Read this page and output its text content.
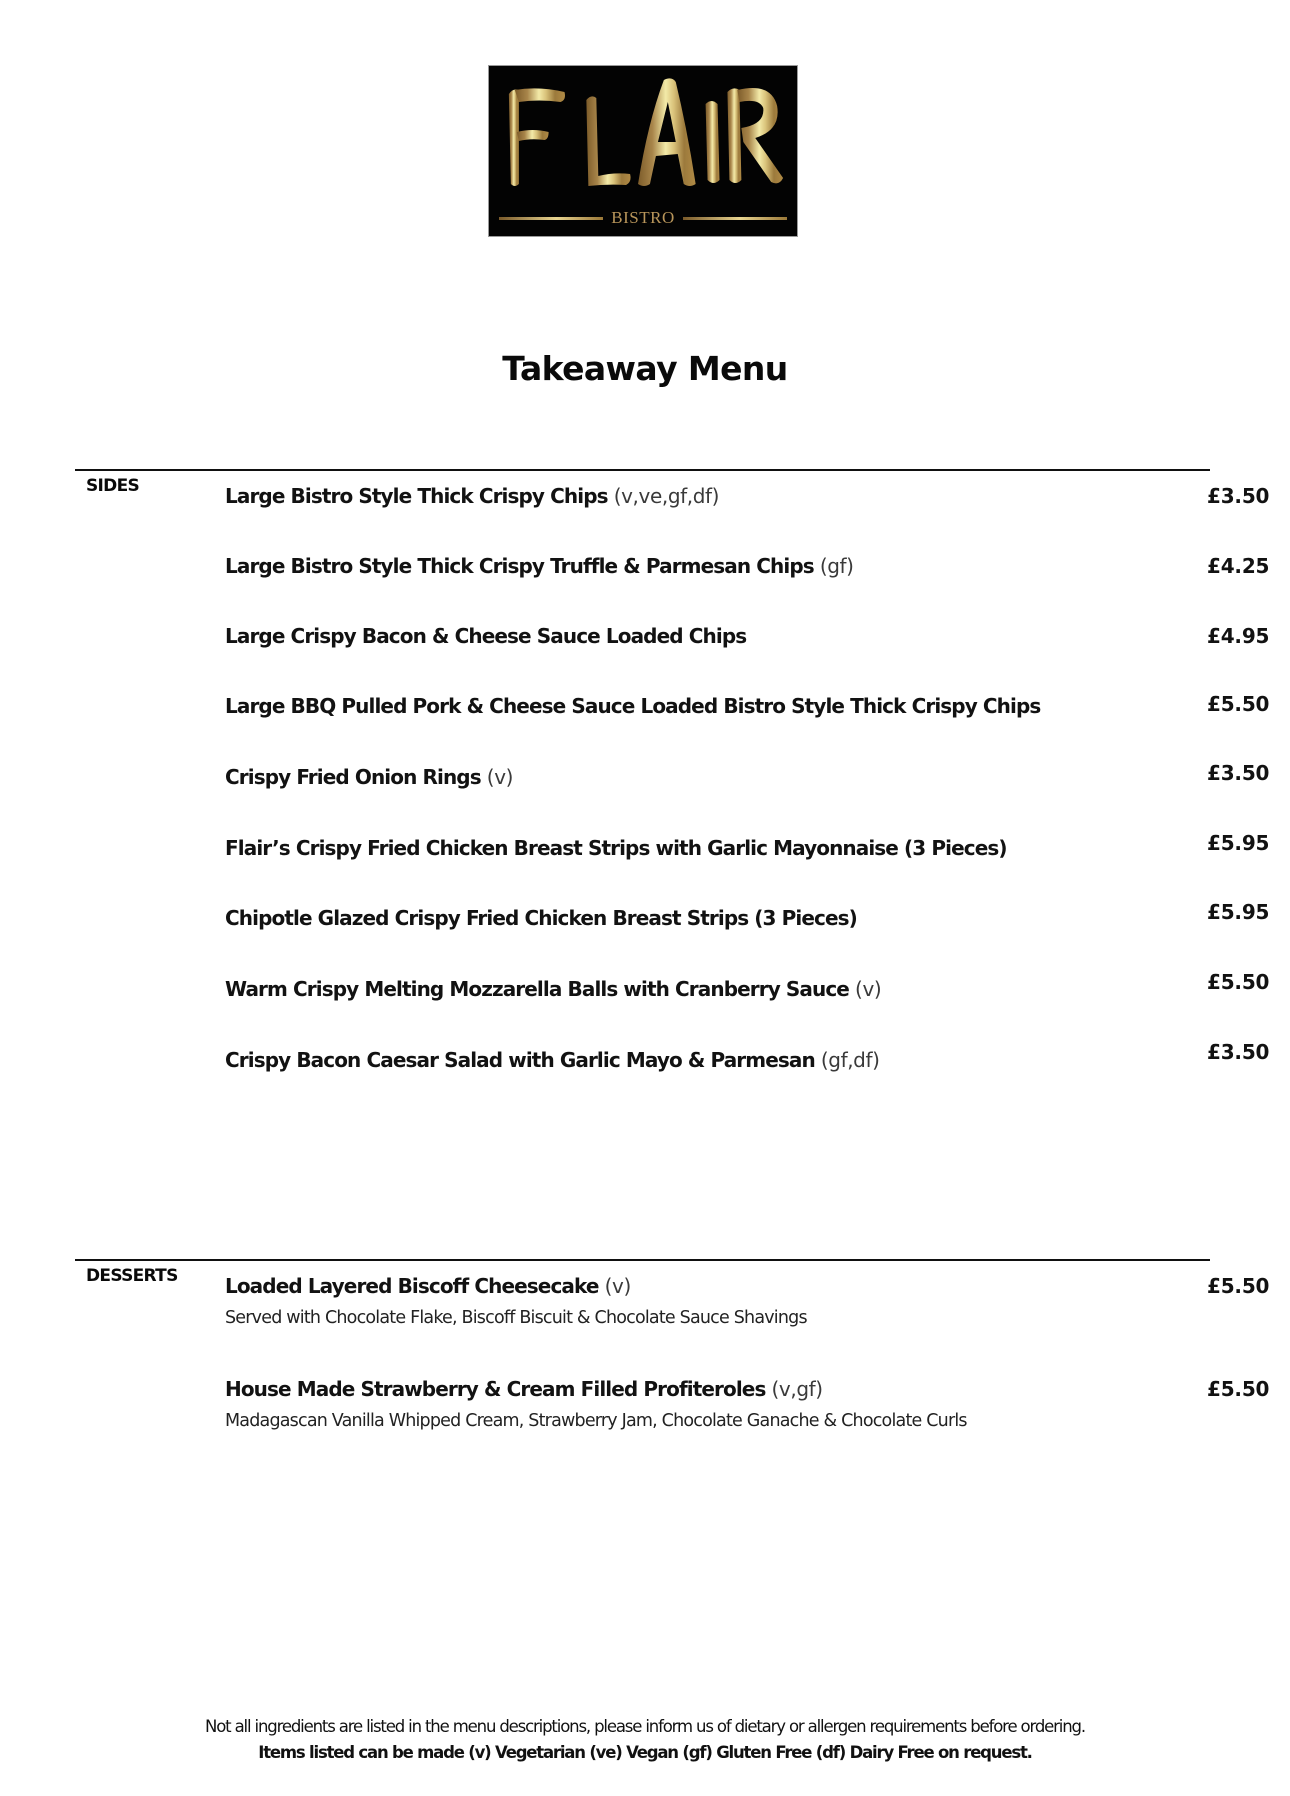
BISTRO
Takeaway Menu
SIDES	Large Bistro Style Thick Crispy Chips (v,ve,gf,df)	£3.50
Large Bistro Style Thick Crispy Truffle & Parmesan Chips (gf)	£4.25
Large Crispy Bacon & Cheese Sauce Loaded Chips	£4.95
Large BBQ Pulled Pork & Cheese Sauce Loaded Bistro Style Thick Crispy Chips	£5.50
Crispy Fried Onion Rings (v)	£3.50
Flair’s Crispy Fried Chicken Breast Strips with Garlic Mayonnaise (3 Pieces)	£5.95
Chipotle Glazed Crispy Fried Chicken Breast Strips (3 Pieces)	£5.95
Warm Crispy Melting Mozzarella Balls with Cranberry Sauce (v)	£5.50
Crispy Bacon Caesar Salad with Garlic Mayo & Parmesan (gf,df)	£3.50
DESSERTS Loaded Layered Biscoff Cheesecake (v)	£5.50
Served with Chocolate Flake, Biscoff Biscuit & Chocolate Sauce Shavings
House Made Strawberry & Cream Filled Profiteroles (v,gf)	£5.50
Madagascan Vanilla Whipped Cream, Strawberry Jam, Chocolate Ganache & Chocolate Curls
Not all ingredients are listed in the menu descriptions, please inform us of dietary or allergen requirements before ordering.
Items listed can be made (v) Vegetarian (ve) Vegan (gf) Gluten Free (df) Dairy Free on request.
